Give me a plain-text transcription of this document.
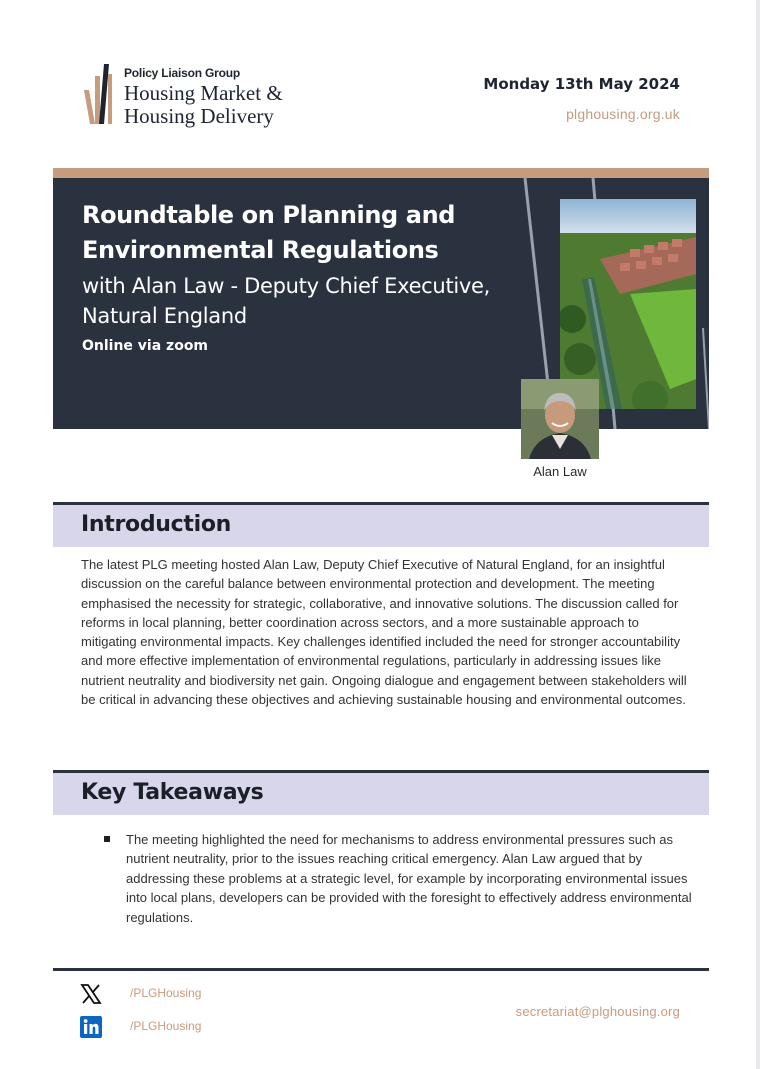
Policy Liaison Group
Housing Market &
Housing Delivery
Monday 13th May 2024
plghousing.org.uk
Roundtable on Planning and Environmental Regulations
with Alan Law - Deputy Chief Executive, Natural England
Online via zoom
Alan Law
Introduction

The latest PLG meeting hosted Alan Law, Deputy Chief Executive of Natural England, for an insightful discussion on the careful balance between environmental protection and development. The meeting emphasised the necessity for strategic, collaborative, and innovative solutions. The discussion called for reforms in local planning, better coordination across sectors, and a more sustainable approach to mitigating environmental impacts. Key challenges identified included the need for stronger accountability and more effective implementation of environmental regulations, particularly in addressing issues like nutrient neutrality and biodiversity net gain. Ongoing dialogue and engagement between stakeholders will be critical in advancing these objectives and achieving sustainable housing and environmental outcomes.

Key Takeaways
The meeting highlighted the need for mechanisms to address environmental pressures such as nutrient neutrality, prior to the issues reaching critical emergency. Alan Law argued that by addressing these problems at a strategic level, for example by incorporating environmental issues into local plans, developers can be provided with the foresight to effectively address environmental regulations.
/PLGHousing
/PLGHousing
secretariat@plghousing.org
